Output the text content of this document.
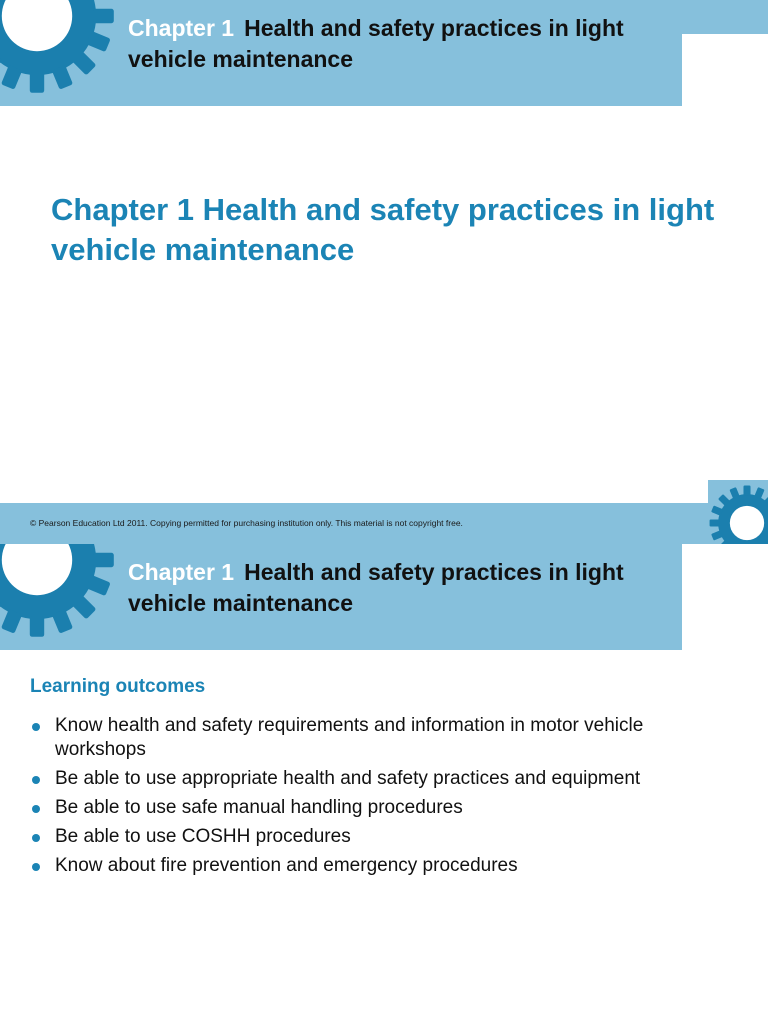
Chapter 1 Health and safety practices in light vehicle maintenance
Chapter 1 Health and safety practices in light vehicle maintenance
© Pearson Education Ltd 2011. Copying permitted for purchasing institution only. This material is not copyright free.	1
Chapter 1 Health and safety practices in light vehicle maintenance
Learning outcomes
Know health and safety requirements and information in motor vehicle workshops
Be able to use appropriate health and safety practices and equipment
Be able to use safe manual handling procedures
Be able to use COSHH procedures
Know about fire prevention and emergency procedures
